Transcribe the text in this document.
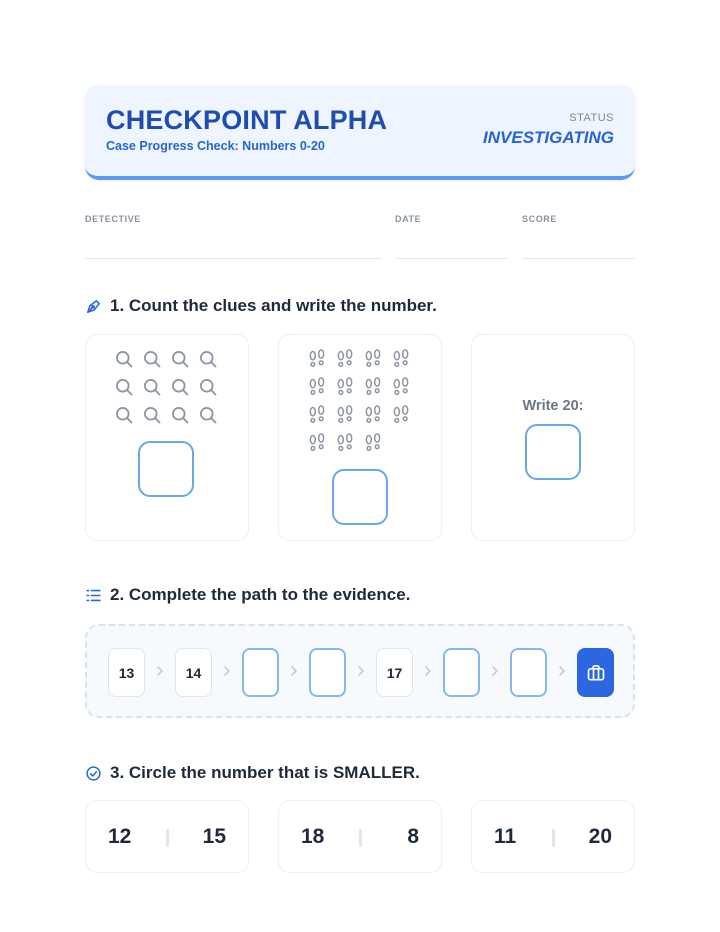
CHECKPOINT ALPHA
Case Progress Check: Numbers 0-20
STATUS
INVESTIGATING
DETECTIVE	DATE	SCORE
1. Count the clues and write the number.
Write 20:
2. Complete the path to the evidence.
13	14	17
3. Circle the number that is SMALLER.
12	15	18	8	11	20
